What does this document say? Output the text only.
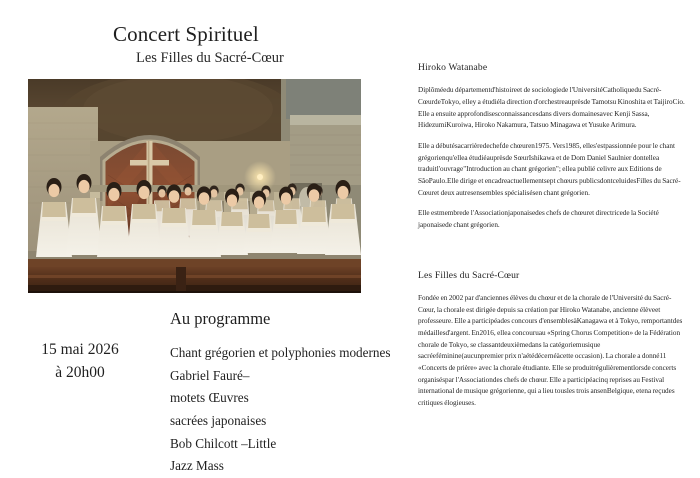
Concert Spirituel
Les Filles du Sacré-Cœur
15 mai 2026
à 20h00
Au programme
Chant grégorien et polyphonies modernes
Gabriel Fauré–
motets Œuvres
sacrées japonaises
Bob Chilcott –Little
Jazz Mass
Hiroko Watanabe

Diplôméedu départementd'histoireet de sociologiede l'UniversitéCatholiquedu Sacré-CœurdeTokyo, elley a étudiéla direction d'orchestreauprèsde Tamotsu Kinoshita et TaijiroCio.

Elle a ensuite approfondisesconnaissancesdans divers domainesavec Kenji Sassa, HidezumiKuroiwa, Hiroko Nakamura, Tatsuo Minagawa et Yusuke Arimura.

Elle a débutésacarrièredechefde chœuren1975. Vers1985, elles'estpassionnée pour le chant grégorienqu'ellea étudiéauprèsde SœurIshikawa et de Dom Daniel Saulnier dontellea traduitl'ouvrage"Introduction au chant grégorien"; ellea publié celivre aux Editions de SãoPaulo.Elle dirige et encadreactuellementsept chœurs publicsdontceluidesFilles du Sacré-Cœuret deux autresensembles spécialisésen chant grégorien.

Elle estmembrede l'Associationjaponaisedes chefs de chœuret directricede la Société japonaisede chant grégorien.

Les Filles du Sacré-Cœur

Fondée en 2002 par d'anciennes élèves du chœur et de la chorale de l'Université du Sacré-Cœur, la chorale est dirigée depuis sa création par Hiroko Watanabe, ancienne élèveet professeure. Elle a participéades concours d'ensemblesàKanagawa et à Tokyo, remportantdes médaillesd'argent. En2016, ellea concouruau «Spring Chorus Competition» de la Fédération chorale de Tokyo, se classantdeuxièmedans la catégoriemusique sacréeféminine(aucunpremier prix n'aétédécernéàcette occasion). La chorale a donné11 «Concerts de prière» avec la chorale étudiante. Elle se produitrégulièrementlorsde concerts organiséspar l'Associationdes chefs de chœur. Elle a participéacinq reprises au Festival international de musique grégorienne, qui a lieu tousles trois ansenBelgique, etena reçudes critiques élogieuses.
